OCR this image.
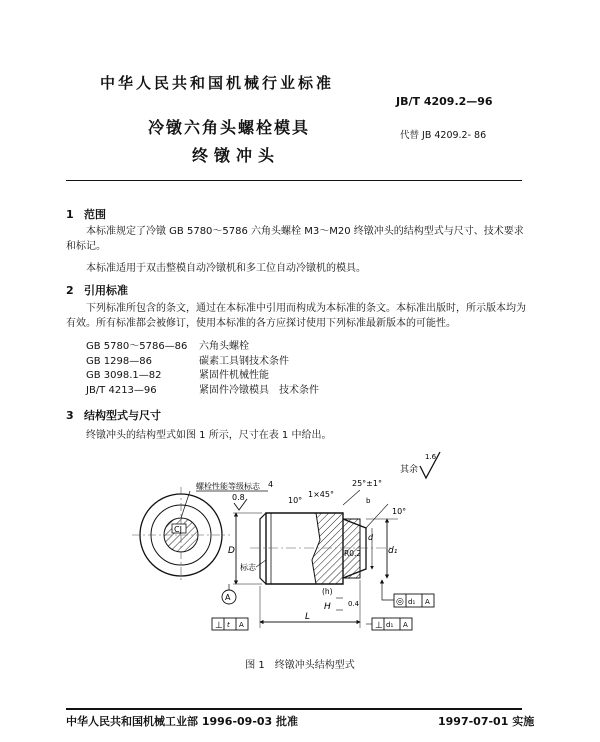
中华人民共和国机械行业标准
JB/T 4209.2—96
冷镦六角头螺栓模具
终镦冲头
代替 JB 4209.2- 86
1 范围
本标准规定了冷镦 GB 5780～5786 六角头螺栓 M3～M20 终镦冲头的结构型式与尺寸、技术要求和标记。
本标准适用于双击整模自动冷镦机和多工位自动冷镦机的模具。
2 引用标准
下列标准所包含的条文，通过在本标准中引用而构成为本标准的条文。本标准出版时，所示版本均为有效。所有标准都会被修订，使用本标准的各方应探讨使用下列标准最新版本的可能性。
GB 5780～5786—86 六角头螺栓
GB 1298—86	碳素工具钢技术条件
GB 3098.1—82	紧固件机械性能
JB/T 4213—96	紧固件冷镦模具　技术条件
3 结构型式与尺寸
终镦冲头的结构型式如图 1 所示，尺寸在表 1 中给出。
其余
1.6
CJ
螺栓性能等级标志
0.8
4
10°
1×45°
25°±1°
b
10°
D	d₁
d
R0.2
标志
(h)
A
H 0.4
L
⊥ t A	⊥ d₁ A
◎ d₁ A
图 1　终镦冲头结构型式
中华人民共和国机械工业部 1996-09-03 批准	1997-07-01 实施
